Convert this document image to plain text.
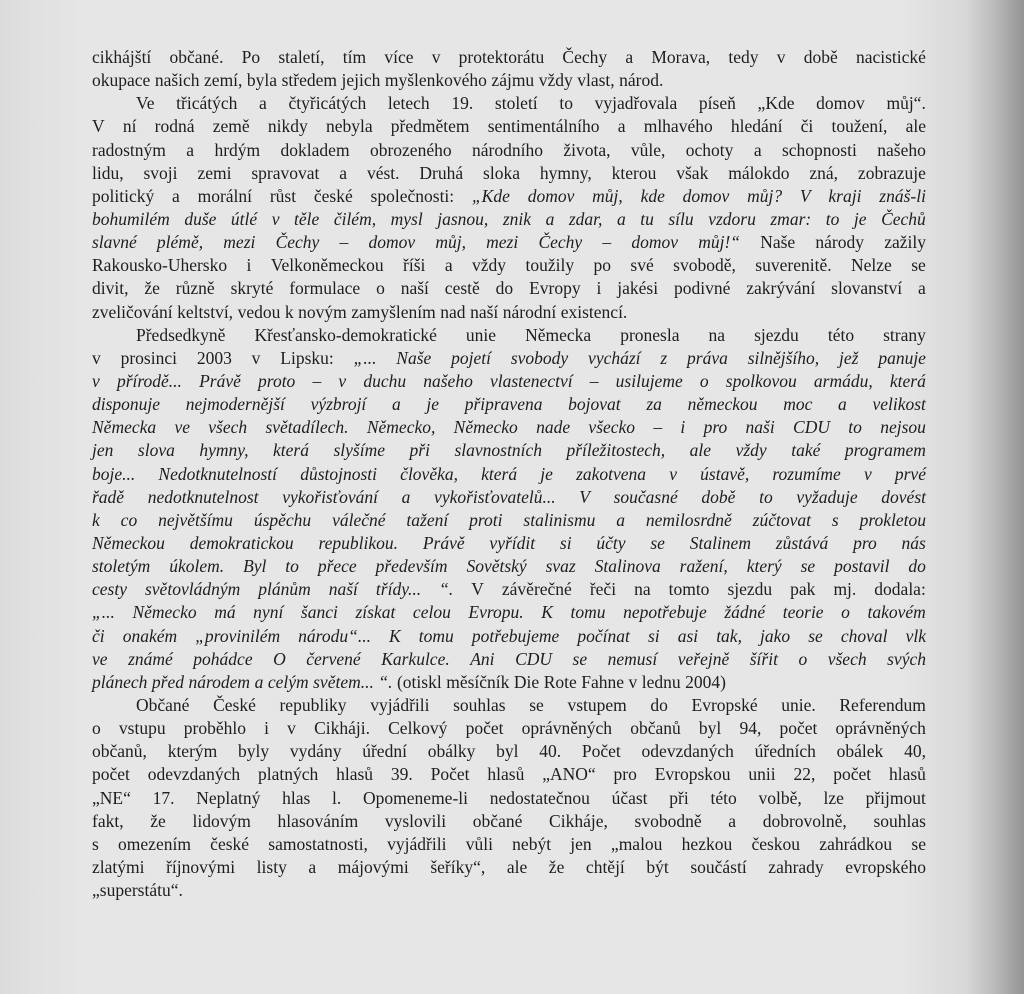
cikhájští občané. Po staletí, tím více v protektorátu Čechy a Morava, tedy v době nacistické
okupace našich zemí, byla středem jejich myšlenkového zájmu vždy vlast, národ.
Ve třicátých a čtyřicátých letech 19. století to vyjadřovala píseň „Kde domov můj“.
V ní rodná země nikdy nebyla předmětem sentimentálního a mlhavého hledání či toužení, ale
radostným a hrdým dokladem obrozeného národního života, vůle, ochoty a schopnosti našeho
lidu, svoji zemi spravovat a vést. Druhá sloka hymny, kterou však málokdo zná, zobrazuje
politický a morální růst české společnosti: „Kde domov můj, kde domov můj? V kraji znáš-li
bohumilém duše útlé v těle čilém, mysl jasnou, znik a zdar, a tu sílu vzdoru zmar: to je Čechů
slavné plémě, mezi Čechy – domov můj, mezi Čechy – domov můj!“ Naše národy zažily
Rakousko-Uhersko i Velkoněmeckou říši a vždy toužily po své svobodě, suverenitě. Nelze se
divit, že různě skryté formulace o naší cestě do Evropy i jakési podivné zakrývání slovanství a
zveličování keltství, vedou k novým zamyšlením nad naší národní existencí.
Předsedkyně Křesťansko-demokratické unie Německa pronesla na sjezdu této strany
v prosinci 2003 v Lipsku: „... Naše pojetí svobody vychází z práva silnějšího, jež panuje
v přírodě... Právě proto – v duchu našeho vlastenectví – usilujeme o spolkovou armádu, která
disponuje nejmodernější výzbrojí a je připravena bojovat za německou moc a velikost
Německa ve všech světadílech. Německo, Německo nade všecko – i pro naši CDU to nejsou
jen slova hymny, která slyšíme při slavnostních příležitostech, ale vždy také programem
boje... Nedotknutelností důstojnosti člověka, která je zakotvena v ústavě, rozumíme v prvé
řadě nedotknutelnost vykořisťování a vykořisťovatelů... V současné době to vyžaduje dovést
k co největšímu úspěchu válečné tažení proti stalinismu a nemilosrdně zúčtovat s prokletou
Německou demokratickou republikou. Právě vyřídit si účty se Stalinem zůstává pro nás
stoletým úkolem. Byl to přece především Sovětský svaz Stalinova ražení, který se postavil do
cesty světovládným plánům naší třídy... “. V závěrečné řeči na tomto sjezdu pak mj. dodala:
„... Německo má nyní šanci získat celou Evropu. K tomu nepotřebuje žádné teorie o takovém
či onakém „provinilém národu“... K tomu potřebujeme počínat si asi tak, jako se choval vlk
ve známé pohádce O červené Karkulce. Ani CDU se nemusí veřejně šířit o všech svých
plánech před národem a celým světem... “. (otiskl měsíčník Die Rote Fahne v lednu 2004)
Občané České republiky vyjádřili souhlas se vstupem do Evropské unie. Referendum
o vstupu proběhlo i v Cikháji. Celkový počet oprávněných občanů byl 94, počet oprávněných
občanů, kterým byly vydány úřední obálky byl 40. Počet odevzdaných úředních obálek 40,
počet odevzdaných platných hlasů 39. Počet hlasů „ANO“ pro Evropskou unii 22, počet hlasů
„NE“ 17. Neplatný hlas l. Opomeneme-li nedostatečnou účast při této volbě, lze přijmout
fakt, že lidovým hlasováním vyslovili občané Cikháje, svobodně a dobrovolně, souhlas
s omezením české samostatnosti, vyjádřili vůli nebýt jen „malou hezkou českou zahrádkou se
zlatými říjnovými listy a májovými šeříky“, ale že chtějí být součástí zahrady evropského
„superstátu“.
